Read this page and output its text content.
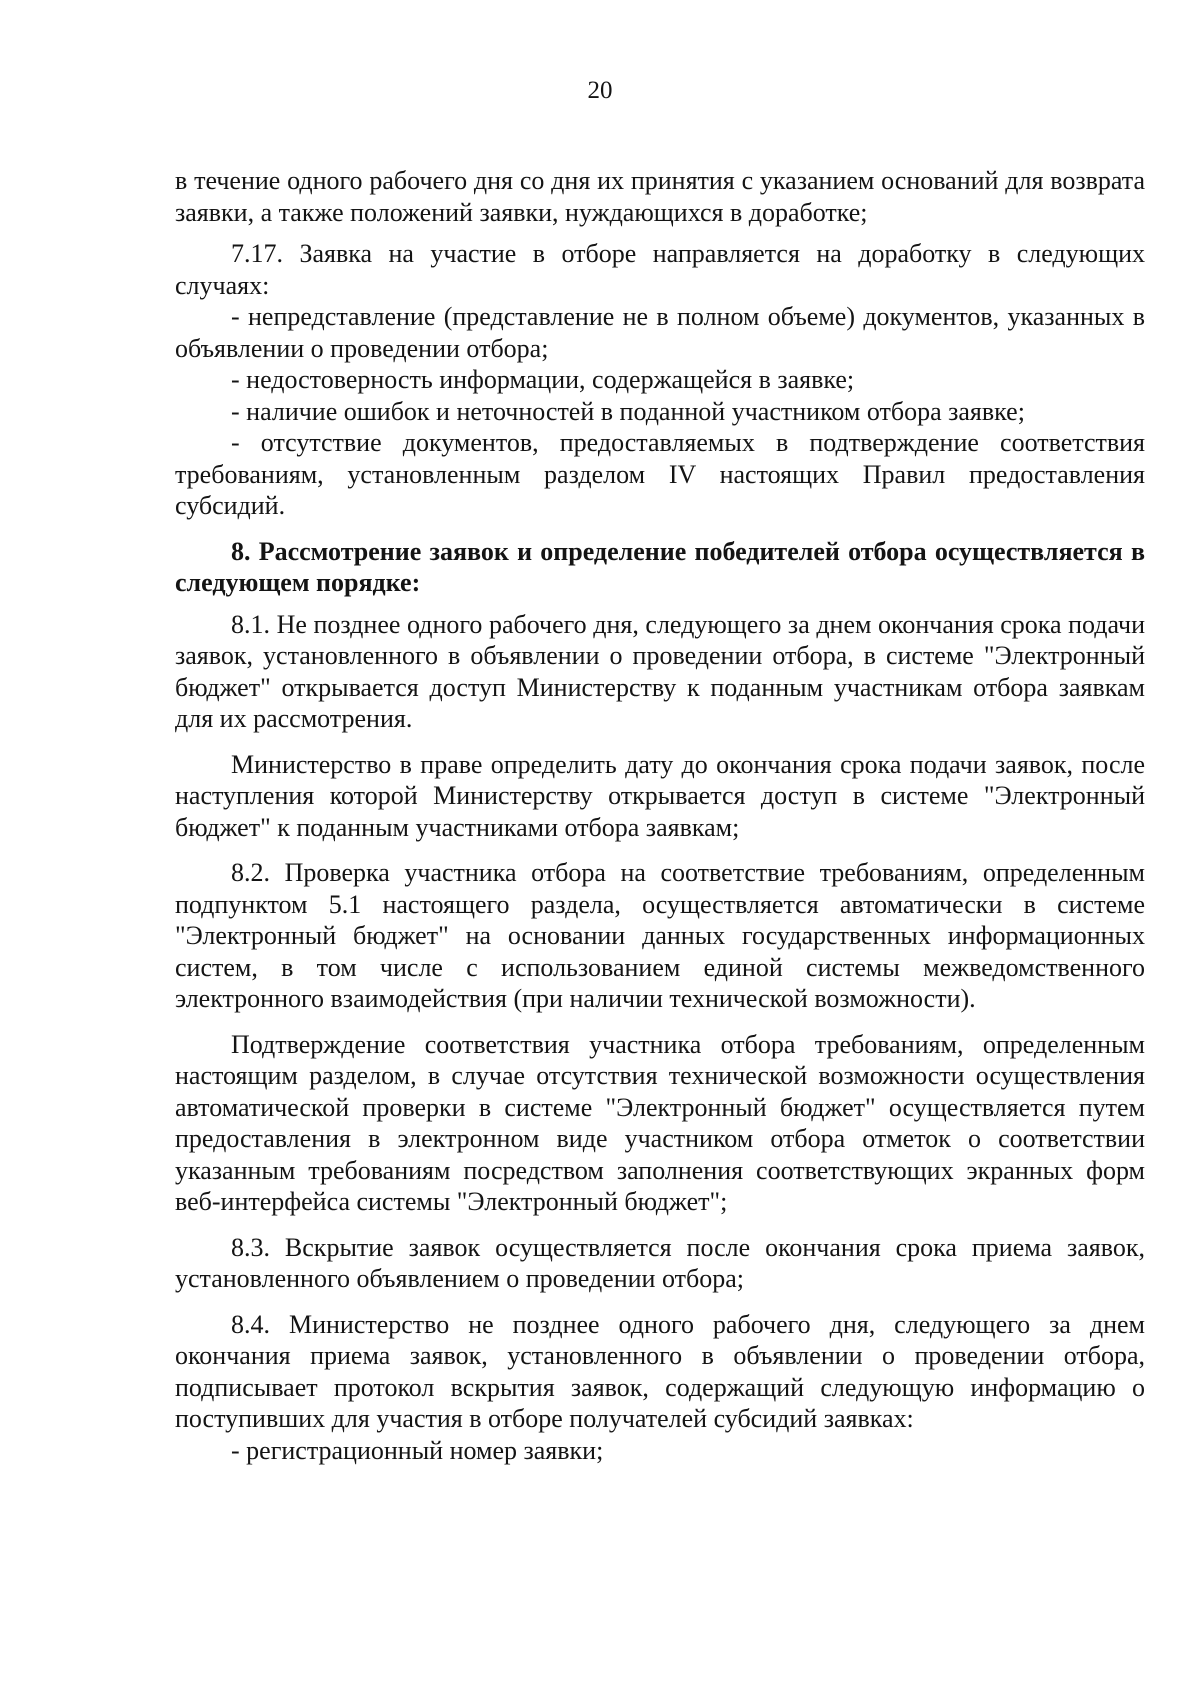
20

в течение одного рабочего дня со дня их принятия с указанием оснований для возврата заявки, а также положений заявки, нуждающихся в доработке;

7.17. Заявка на участие в отборе направляется на доработку в следующих случаях:

- непредставление (представление не в полном объеме) документов, указанных в объявлении о проведении отбора;

- недостоверность информации, содержащейся в заявке;

- наличие ошибок и неточностей в поданной участником отбора заявке;

- отсутствие документов, предоставляемых в подтверждение соответствия требованиям, установленным разделом IV настоящих Правил предоставления субсидий.

8. Рассмотрение заявок и определение победителей отбора осуществляется в следующем порядке:

8.1. Не позднее одного рабочего дня, следующего за днем окончания срока подачи заявок, установленного в объявлении о проведении отбора, в системе "Электронный бюджет" открывается доступ Министерству к поданным участникам отбора заявкам для их рассмотрения.

Министерство в праве определить дату до окончания срока подачи заявок, после наступления которой Министерству открывается доступ в системе "Электронный бюджет" к поданным участниками отбора заявкам;

8.2. Проверка участника отбора на соответствие требованиям, определенным подпунктом 5.1 настоящего раздела, осуществляется автоматически в системе "Электронный бюджет" на основании данных государственных информационных систем, в том числе с использованием единой системы межведомственного электронного взаимодействия (при наличии технической возможности).

Подтверждение соответствия участника отбора требованиям, определенным настоящим разделом, в случае отсутствия технической возможности осуществления автоматической проверки в системе "Электронный бюджет" осуществляется путем предоставления в электронном виде участником отбора отметок о соответствии указанным требованиям посредством заполнения соответствующих экранных форм веб-интерфейса системы "Электронный бюджет";

8.3. Вскрытие заявок осуществляется после окончания срока приема заявок, установленного объявлением о проведении отбора;

8.4. Министерство не позднее одного рабочего дня, следующего за днем окончания приема заявок, установленного в объявлении о проведении отбора, подписывает протокол вскрытия заявок, содержащий следующую информацию о поступивших для участия в отборе получателей субсидий заявках:

- регистрационный номер заявки;
